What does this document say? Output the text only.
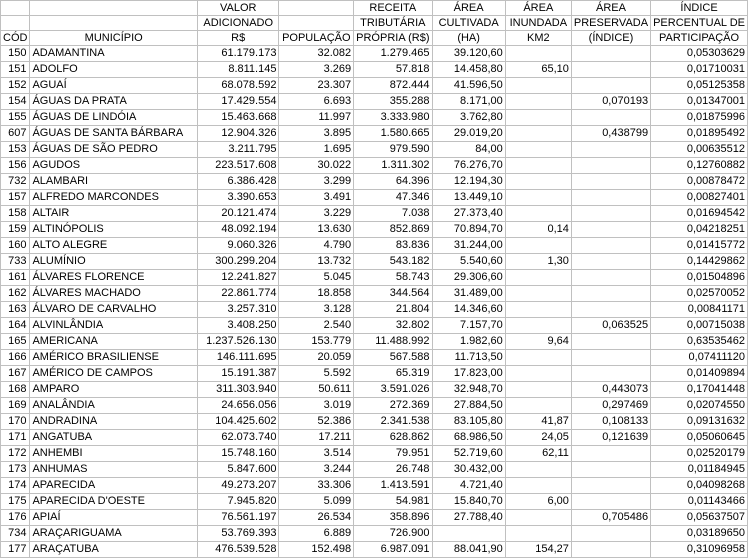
		VALOR		RECEITA	ÁREA	ÁREA	ÁREA	ÍNDICE
		ADICIONADO		TRIBUTÁRIA	CULTIVADA	INUNDADA	PRESERVADA	PERCENTUAL DE
CÓD	MUNICÍPIO	R$	POPULAÇÃO	PRÓPRIA (R$)	(HA)	KM2	(ÍNDICE)	PARTICIPAÇÃO
150	ADAMANTINA	61.179.173	32.082	1.279.465	39.120,60			0,05303629
151	ADOLFO	8.811.145	3.269	57.818	14.458,80	65,10		0,01710031
152	AGUAÍ	68.078.592	23.307	872.444	41.596,50			0,05125358
154	ÁGUAS DA PRATA	17.429.554	6.693	355.288	8.171,00		0,070193	0,01347001
155	ÁGUAS DE LINDÓIA	15.463.668	11.997	3.333.980	3.762,80			0,01875996
607	ÁGUAS DE SANTA BÁRBARA	12.904.326	3.895	1.580.665	29.019,20		0,438799	0,01895492
153	ÁGUAS DE SÃO PEDRO	3.211.795	1.695	979.590	84,00			0,00635512
156	AGUDOS	223.517.608	30.022	1.311.302	76.276,70			0,12760882
732	ALAMBARI	6.386.428	3.299	64.396	12.194,30			0,00878472
157	ALFREDO MARCONDES	3.390.653	3.491	47.346	13.449,10			0,00827401
158	ALTAIR	20.121.474	3.229	7.038	27.373,40			0,01694542
159	ALTINÓPOLIS	48.092.194	13.630	852.869	70.894,70	0,14		0,04218251
160	ALTO ALEGRE	9.060.326	4.790	83.836	31.244,00			0,01415772
733	ALUMÍNIO	300.299.204	13.732	543.182	5.540,60	1,30		0,14429862
161	ÁLVARES FLORENCE	12.241.827	5.045	58.743	29.306,60			0,01504896
162	ÁLVARES MACHADO	22.861.774	18.858	344.564	31.489,00			0,02570052
163	ÁLVARO DE CARVALHO	3.257.310	3.128	21.804	14.346,60			0,00841171
164	ALVINLÂNDIA	3.408.250	2.540	32.802	7.157,70		0,063525	0,00715038
165	AMERICANA	1.237.526.130	153.779	11.488.992	1.982,60	9,64		0,63535462
166	AMÉRICO BRASILIENSE	146.111.695	20.059	567.588	11.713,50			0,07411120
167	AMÉRICO DE CAMPOS	15.191.387	5.592	65.319	17.823,00			0,01409894
168	AMPARO	311.303.940	50.611	3.591.026	32.948,70		0,443073	0,17041448
169	ANALÂNDIA	24.656.056	3.019	272.369	27.884,50		0,297469	0,02074550
170	ANDRADINA	104.425.602	52.386	2.341.538	83.105,80	41,87	0,108133	0,09131632
171	ANGATUBA	62.073.740	17.211	628.862	68.986,50	24,05	0,121639	0,05060645
172	ANHEMBI	15.748.160	3.514	79.951	52.719,60	62,11		0,02520179
173	ANHUMAS	5.847.600	3.244	26.748	30.432,00			0,01184945
174	APARECIDA	49.273.207	33.306	1.413.591	4.721,40			0,04098268
175	APARECIDA D'OESTE	7.945.820	5.099	54.981	15.840,70	6,00		0,01143466
176	APIAÍ	76.561.197	26.534	358.896	27.788,40		0,705486	0,05637507
734	ARAÇARIGUAMA	53.769.393	6.889	726.900				0,03189650
177	ARAÇATUBA	476.539.528	152.498	6.987.091	88.041,90	154,27		0,31096958
